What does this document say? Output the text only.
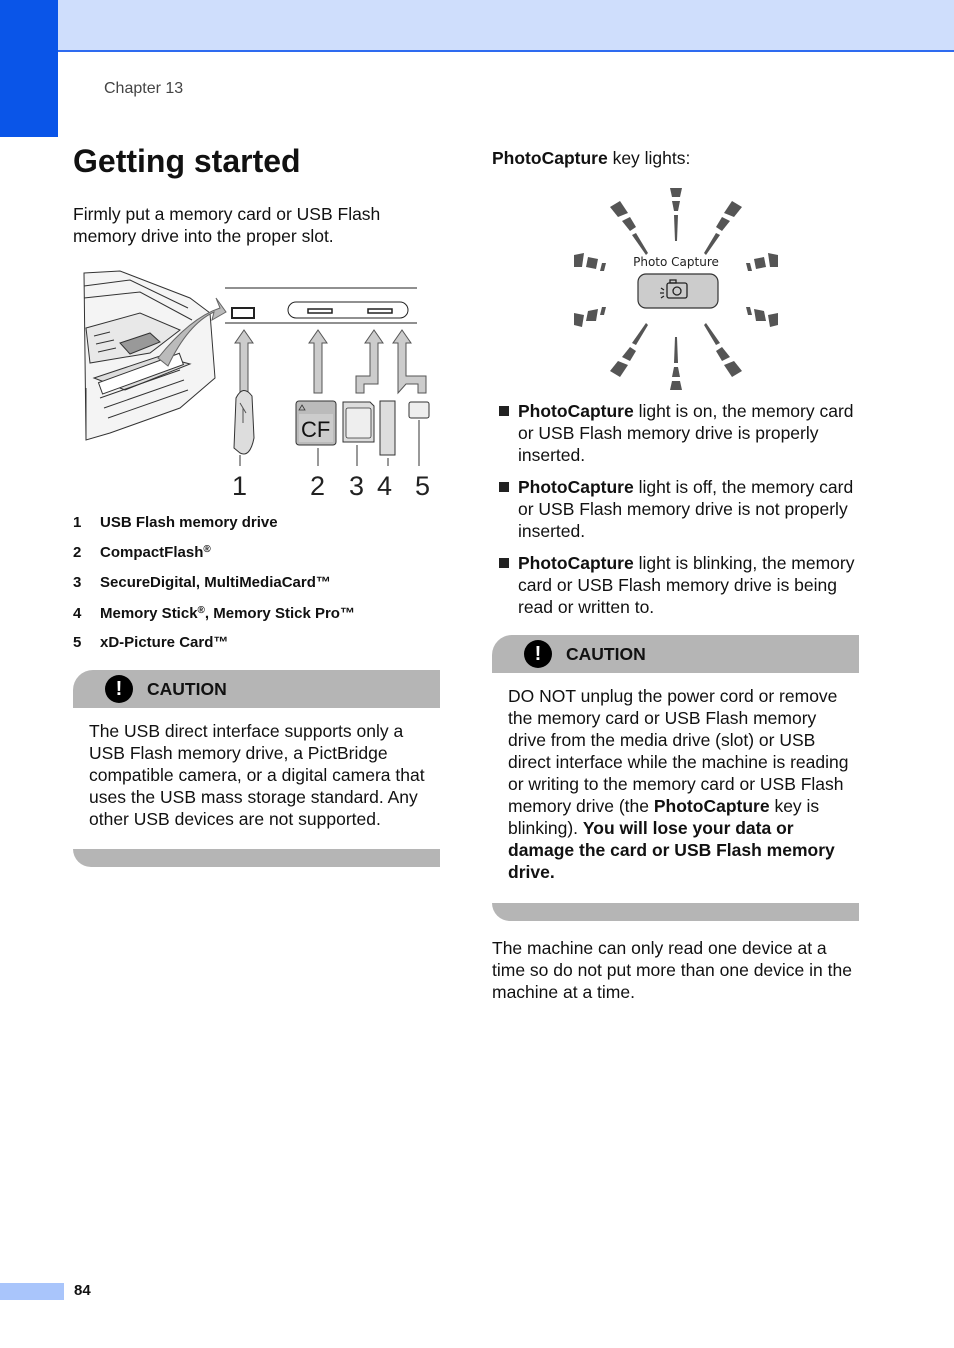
Chapter 13
Getting started
Firmly put a memory card or USB Flash memory drive into the proper slot.
CF
1 2 3 4 5
1	USB Flash memory drive
2	CompactFlash ®
3	SecureDigital, MultiMediaCard™
4	Memory Stick ® , Memory Stick Pro™
5	xD-Picture Card™
!	CAUTION
The USB direct interface supports only a USB Flash memory drive, a PictBridge compatible camera, or a digital camera that uses the USB mass storage standard. Any other USB devices are not supported.
PhotoCapture key lights:
Photo Capture
PhotoCapture light is on, the memory card or USB Flash memory drive is properly inserted.
PhotoCapture light is off, the memory card or USB Flash memory drive is not properly inserted.
PhotoCapture light is blinking, the memory card or USB Flash memory drive is being read or written to.
!	CAUTION
DO NOT unplug the power cord or remove the memory card or USB Flash memory drive from the media drive (slot) or USB direct interface while the machine is reading or writing to the memory card or USB Flash memory drive (the PhotoCapture key is blinking). You will lose your data or damage the card or USB Flash memory drive.
The machine can only read one device at a time so do not put more than one device in the machine at a time.
84
